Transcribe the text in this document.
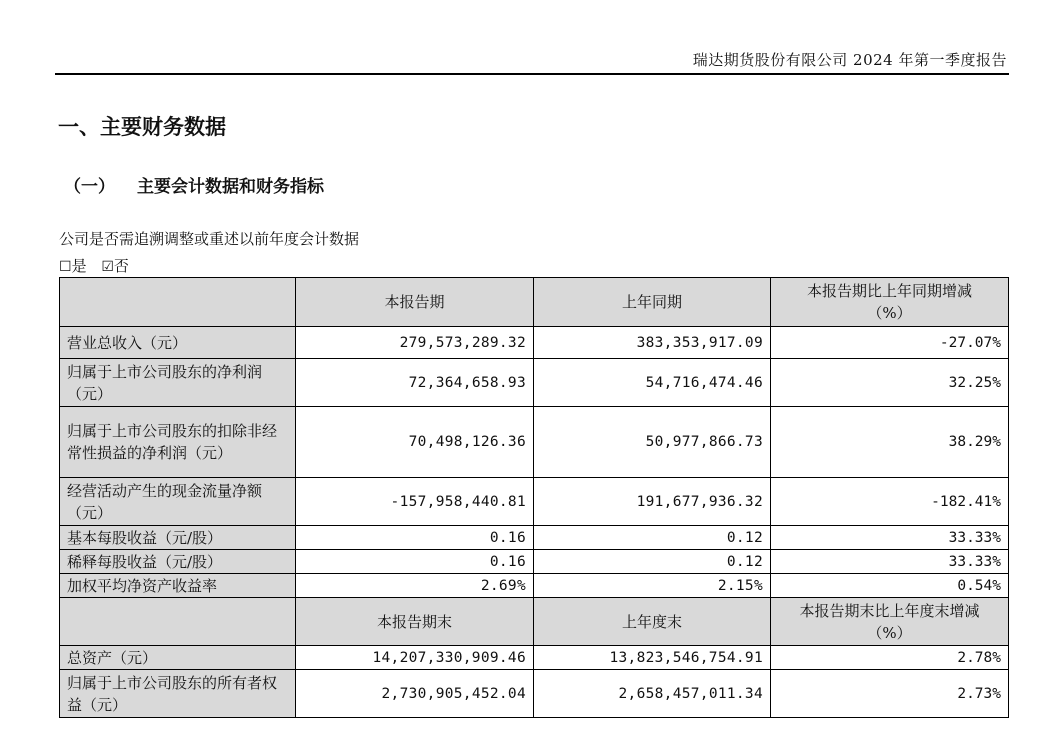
瑞达期货股份有限公司 2024 年第一季度报告
一、主要财务数据
（一） 主要会计数据和财务指标
公司是否需追溯调整或重述以前年度会计数据
☐是 ☑否
	本报告期	上年同期	本报告期比上年同期增减
（%）

营业总收入（元）	279,573,289.32	383,353,917.09	-27.07%
归属于上市公司股东的净利润（元）	72,364,658.93	54,716,474.46	32.25%
归属于上市公司股东的扣除非经常性损益的净利润（元）	70,498,126.36	50,977,866.73	38.29%
经营活动产生的现金流量净额（元）	-157,958,440.81	191,677,936.32	-182.41%
基本每股收益（元/股）	0.16	0.12	33.33%
稀释每股收益（元/股）	0.16	0.12	33.33%
加权平均净资产收益率	2.69%	2.15%	0.54%
	本报告期末	上年度末	本报告期末比上年度末增减
（%）

总资产（元）	14,207,330,909.46	13,823,546,754.91	2.78%
归属于上市公司股东的所有者权益（元）	2,730,905,452.04	2,658,457,011.34	2.73%
